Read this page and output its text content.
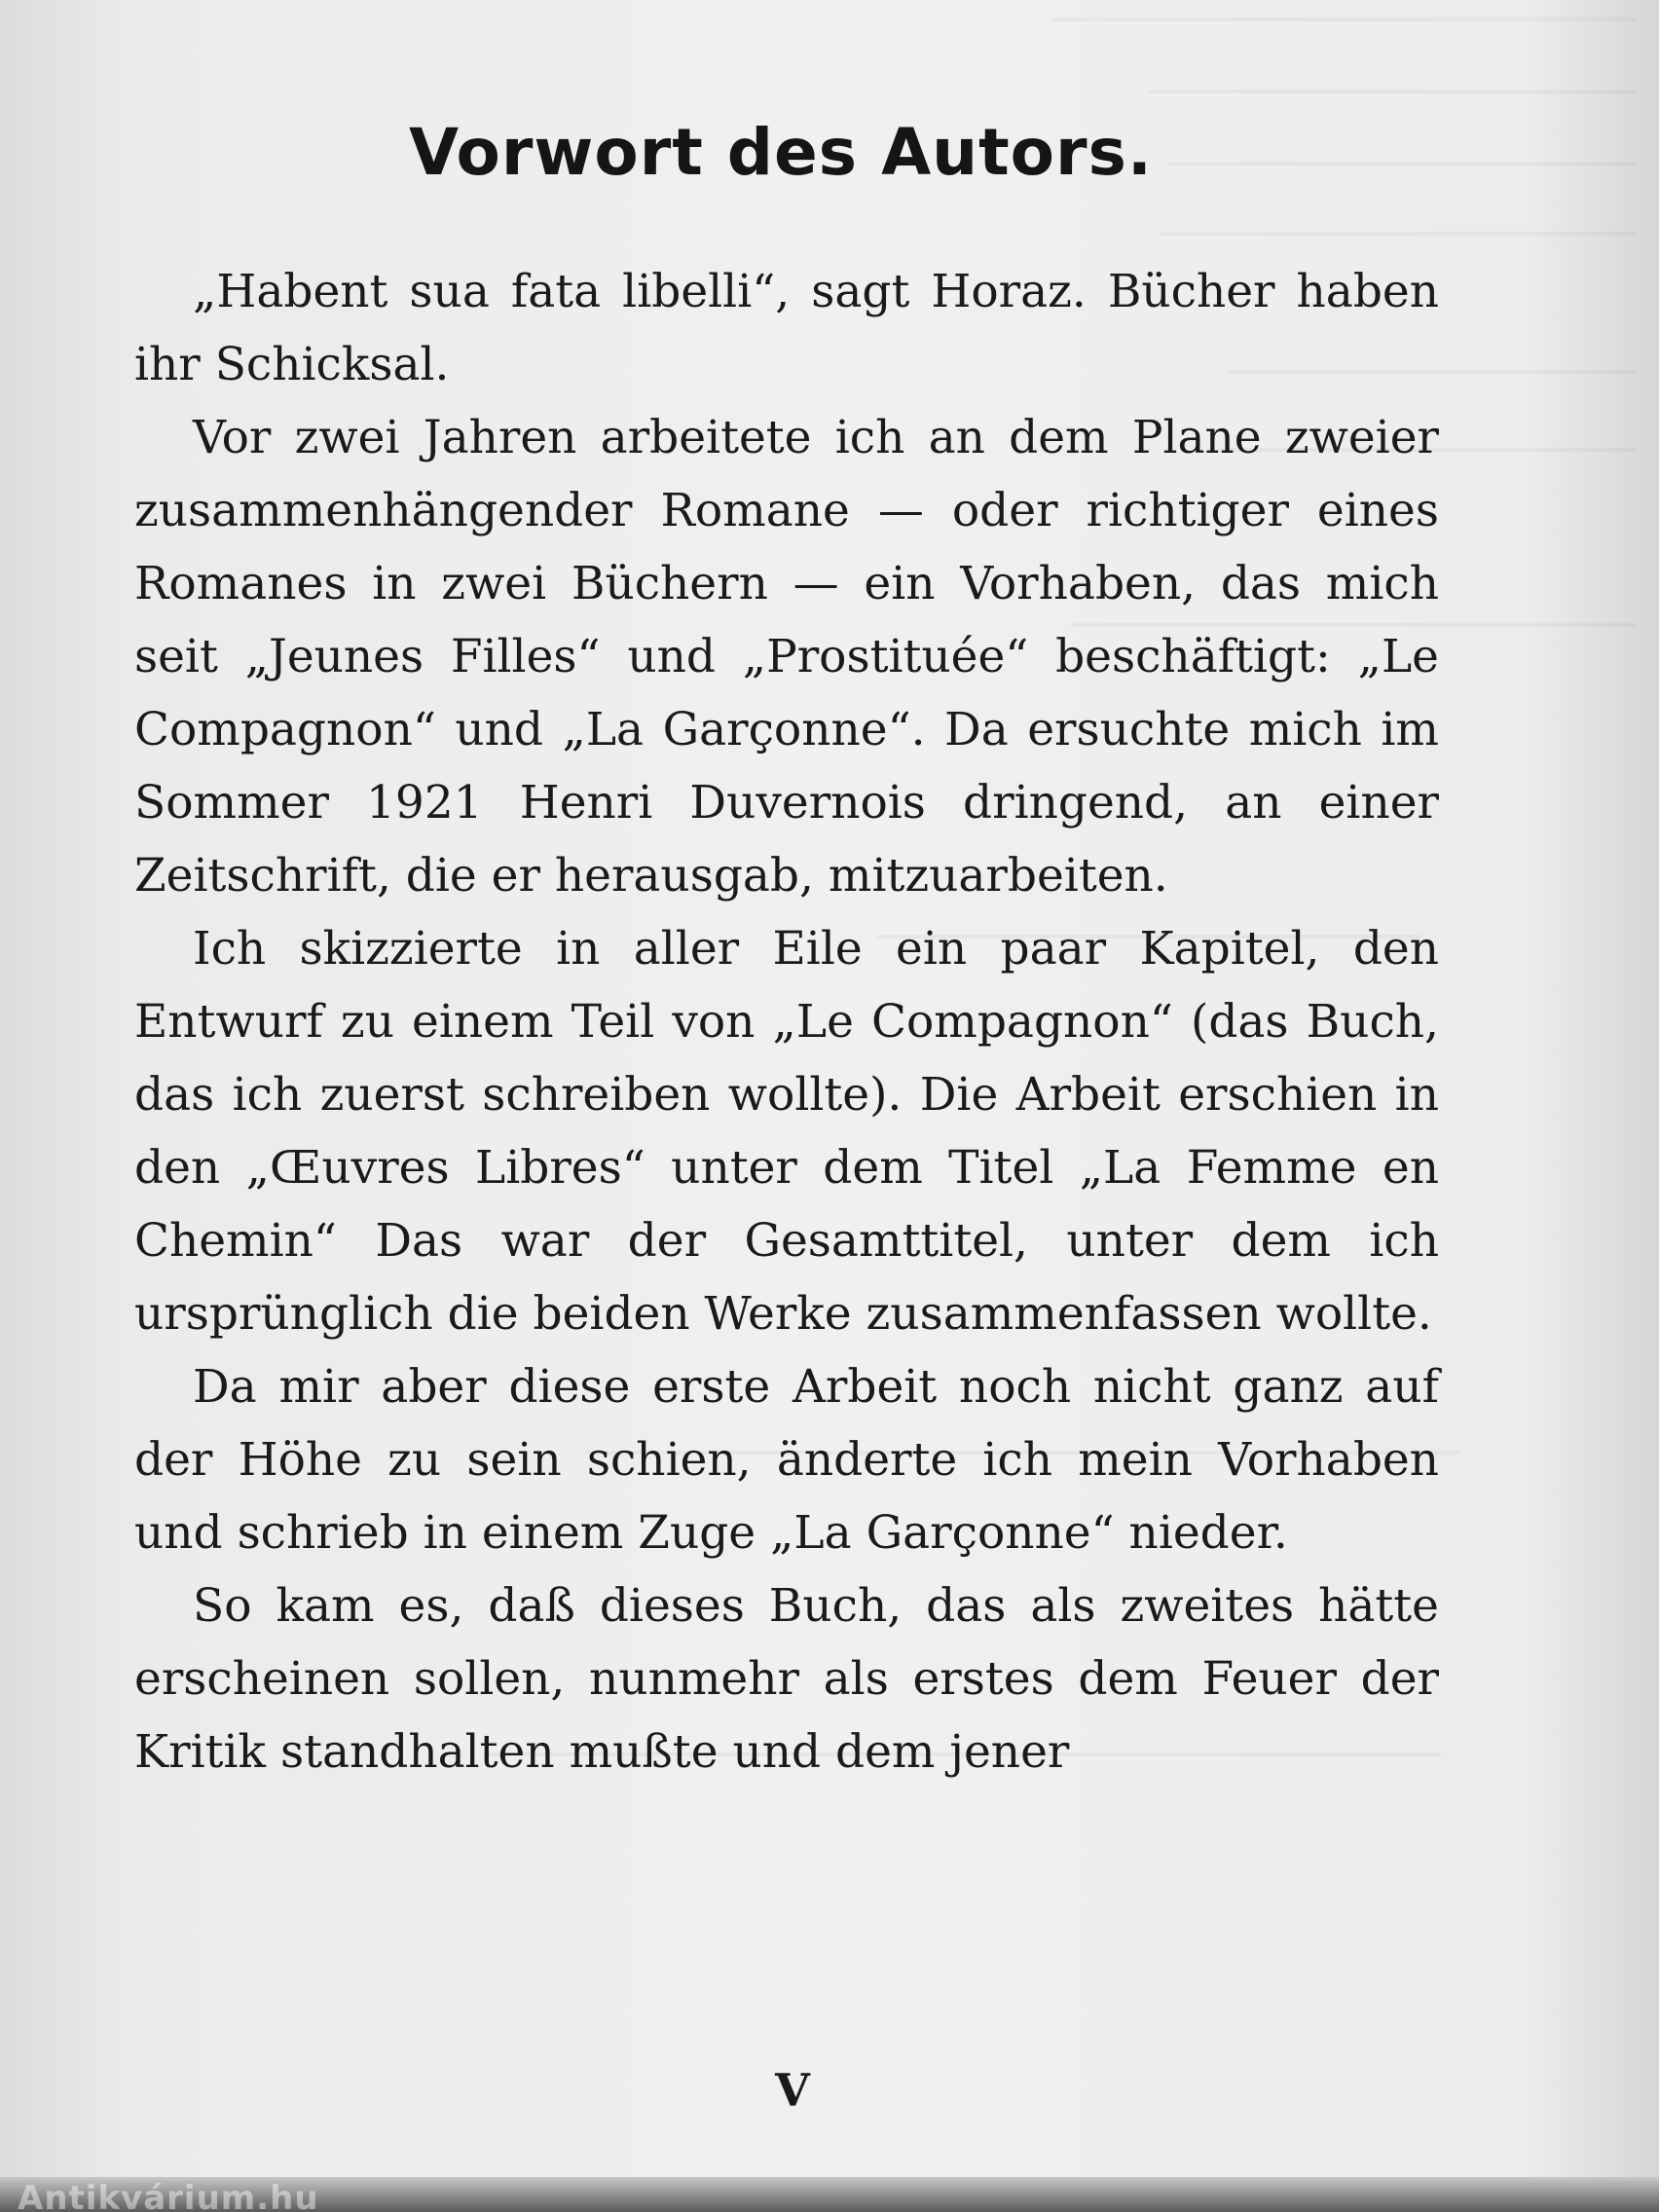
Vorwort des Autors.

„Habent sua fata libelli“, sagt Horaz. Bücher haben ihr Schicksal.

Vor zwei Jahren arbeitete ich an dem Plane zweier zusammenhängender Romane — oder richtiger eines Romanes in zwei Büchern — ein Vorhaben, das mich seit „Jeunes Filles“ und „Prostituée“ beschäftigt: „Le Compagnon“ und „La Garçonne“. Da ersuchte mich im Sommer 1921 Henri Duvernois dringend, an einer Zeitschrift, die er herausgab, mitzuarbeiten.

Ich skizzierte in aller Eile ein paar Kapitel, den Entwurf zu einem Teil von „Le Compagnon“ (das Buch, das ich zuerst schreiben wollte). Die Arbeit erschien in den „Œuvres Libres“ unter dem Titel „La Femme en Chemin“ Das war der Gesamttitel, unter dem ich ursprünglich die beiden Werke zusammenfassen wollte.

Da mir aber diese erste Arbeit noch nicht ganz auf der Höhe zu sein schien, änderte ich mein Vorhaben und schrieb in einem Zuge „La Garçonne“ nieder.

So kam es, daß dieses Buch, das als zweites hätte erscheinen sollen, nunmehr als erstes dem Feuer der Kritik standhalten mußte und dem jener

V
Antikvárium.hu
